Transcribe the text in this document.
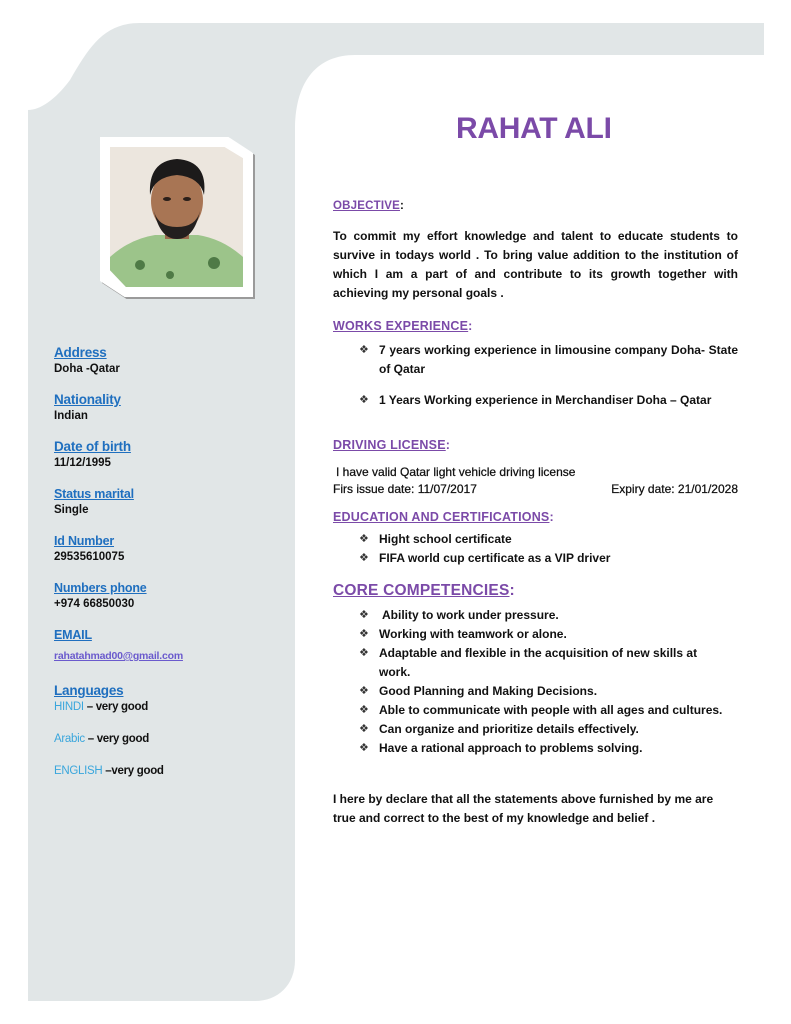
Address
Doha -Qatar
Nationality
Indian
Date of birth
11/12/1995
Status marital
Single
Id Number
29535610075
Numbers phone
+974 66850030
EMAIL
rahatahmad00@gmail.com
Languages
HINDI – very good
Arabic – very good
ENGLISH –very good
RAHAT ALI
OBJECTIVE:
To commit my effort knowledge and talent to educate students to survive in todays world . To bring value addition to the institution of which I am a part of and contribute to its growth together with achieving my personal goals .
WORKS EXPERIENCE:
❖ 7 years working experience in limousine company Doha- State of Qatar
❖ 1 Years Working experience in Merchandiser Doha – Qatar
DRIVING LICENSE:
I have valid Qatar light vehicle driving license
Firs issue date: 11/07/2017	Expiry date: 21/01/2028
EDUCATION AND CERTIFICATIONS:
❖ Hight school certificate
❖ FIFA world cup certificate as a VIP driver
CORE COMPETENCIES:
❖ Ability to work under pressure.
❖ Working with teamwork or alone.
❖ Adaptable and flexible in the acquisition of new skills at work.
❖ Good Planning and Making Decisions.
❖ Able to communicate with people with all ages and cultures.
❖ Can organize and prioritize details effectively.
❖ Have a rational approach to problems solving.
I here by declare that all the statements above furnished by me are true and correct to the best of my knowledge and belief .
